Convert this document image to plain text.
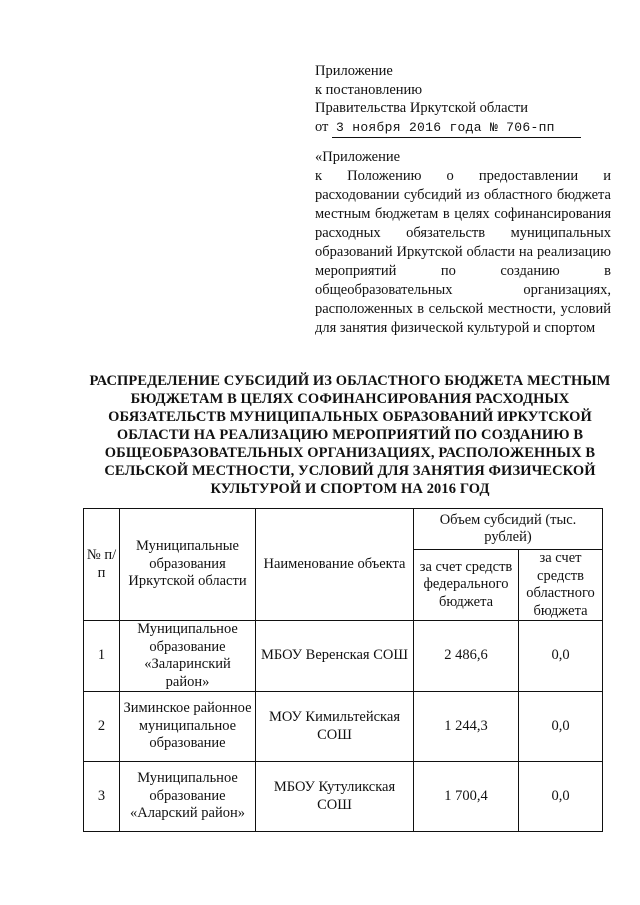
Приложение
к постановлению
Правительства Иркутской области
от 3 ноября 2016 года № 706-пп
«Приложение
к Положению о предоставлении и расходовании субсидий из областного бюджета местным бюджетам в целях софинансирования расходных обязательств муниципальных образований Иркутской области на реализацию мероприятий по созданию в общеобразовательных организациях, расположенных в сельской местности, условий для занятия физической культурой и спортом
РАСПРЕДЕЛЕНИЕ СУБСИДИЙ ИЗ ОБЛАСТНОГО БЮДЖЕТА МЕСТНЫМ БЮДЖЕТАМ В ЦЕЛЯХ СОФИНАНСИРОВАНИЯ РАСХОДНЫХ ОБЯЗАТЕЛЬСТВ МУНИЦИПАЛЬНЫХ ОБРАЗОВАНИЙ ИРКУТСКОЙ ОБЛАСТИ НА РЕАЛИЗАЦИЮ МЕРОПРИЯТИЙ ПО СОЗДАНИЮ В ОБЩЕОБРАЗОВАТЕЛЬНЫХ ОРГАНИЗАЦИЯХ, РАСПОЛОЖЕННЫХ В СЕЛЬСКОЙ МЕСТНОСТИ, УСЛОВИЙ ДЛЯ ЗАНЯТИЯ ФИЗИЧЕСКОЙ КУЛЬТУРОЙ И СПОРТОМ НА 2016 ГОД
№ п/п	Муниципальные образования Иркутской области	Наименование объекта	Объем субсидий (тыс. рублей)	
			за счет средств федерального бюджета	за счет средств областного бюджета
1	Муниципальное образование «Заларинский район»	МБОУ Веренская СОШ	2 486,6	0,0
2	Зиминское районное муниципальное образование	МОУ Кимильтейская СОШ	1 244,3	0,0
3	Муниципальное образование «Аларский район»	МБОУ Кутуликская СОШ	1 700,4	0,0
